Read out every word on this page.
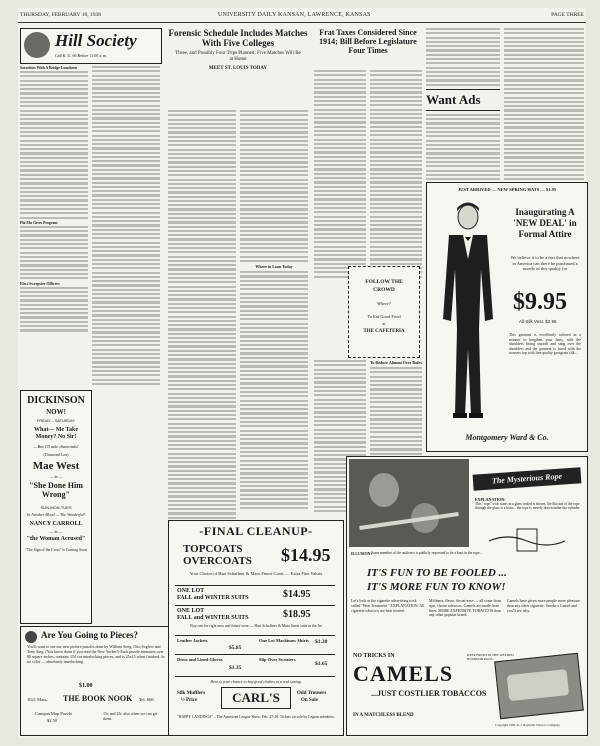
THURSDAY, FEBRUARY 10, 1938	UNIVERSITY DAILY KANSAN, LAWRENCE, KANSAS	PAGE THREE
Hill Society
Call K. U. 66 Before 11:00 a. m.
Sororities With A Bridge Luncheon
Phi Mu Gives Program
Elect Sweepster Officers
DICKINSON
NOW!
FRIDAY – SATURDAY
What— Me Take Money? No Sir!
—But I'll take diamonds!
(Diamond Lou)
Mae West
— in —
"She Done Him Wrong"
SUN-MON-TUES
In Another Mood — The Wonderful!
NANCY CARROLL
— in —
"the Woman Accused"
"The Sign of the Cross" is Coming Soon
Are You Going to Pieces?
You'll want to see our new picture puzzles done by William Steig, Otto Soglow and Tony Sarg. (You know them if you read the New Yorker!) Each puzzle measures over 80 square inches, contains 154 cut interlocking pieces, and is 25x15 when finished. In no color — absolutely interlocking.
$1.00
1021 Mass. THE BOOK NOOK Tel. 666
Campus Map Puzzle
$2.50
15c and 25c also when we can get them.
Forensic Schedule Includes Matches With Five Colleges
Three, and Possibly Four Trips Planned; Five Matches Will Be at Home
MEET ST. LOUIS TODAY
Where in Loan Today
-FINAL CLEANUP-
TOPCOATS
OVERCOATS $14.95
Your Choice of Hart Schaffner & Marx Finest Coats — Extra Fine Values
ONE LOT
FALL and WINTER SUITS	$14.95
ONE LOT
FALL and WINTER SUITS	$18.95
Buy one for right now and future wear — Hart Schaffner & Marx finest suits in the lot
Leather Jackets
$5.85
One Lot Mackinaw Shirts $1.20
Dress and Lined Gloves
$1.35
Slip Over Sweaters
$1.65
Here is your chance to buy good clothes at a real saving.
Silk Mufflers
½ Price	CARL'S	Odd Trousers
On Sale
"HAPPY LANDINGS" – The American League Show, Feb. 27-28. Tickets on sale by Legion members.
Frat Taxes Considered Since 1914; Bill Before Legislature Four Times
FOLLOW THE
CROWD
Where?
To Eat Good Food
at
THE CAFETERIA
To Reduce Alumni Over Rules
Want Ads
JUST ARRIVED — NEW SPRING HATS — $1.95
Inaugurating A 'NEW DEAL' in Formal Attire
We believe it to be a fact that nowhere in America can there be purchased a tuxedo of this quality for
$9.95
All-Silk Vest. $2.95
This garment is excellently tailored in a manner to lengthen your lines, with the shoulders fitting smooth and snug over the shoulders and the garment is faced with the trousers top with fine quality grosgrain silk...
Montgomery Ward & Co.
The Mysterious Rope
EXPLANATION:
This "rope" trick starts in a glass sealed is shown, the illusion of the rope through the glass is a hoax... the rope is merely drawn under the cylinder.
ILLUSION: Some member of the audience is publicly requested to tie a knot in the rope...
IT'S FUN TO BE FOOLED ...
IT'S MORE FUN TO KNOW!
Let's look at the cigarette advertising trick called "Heat Treatment." EXPLANATION: All cigarette tobaccos are heat treated.
Mildness, flavor, throat-ease — all come from ripe, choice tobaccos. Camels are made from finer, MORE EXPENSIVE TOBACCOS than any other popular brand.
Camels have given more people more pleasure than any other cigarette. Smoke a Camel and you'll see why.
NO TRICKS IN
CAMELS
...JUST COSTLIER TOBACCOS
IN A MATCHLESS BLEND
KEEP FRESH IN THE WELDED HUMIDOR PACK
Copyright 1938, R. J. Reynolds Tobacco Company
